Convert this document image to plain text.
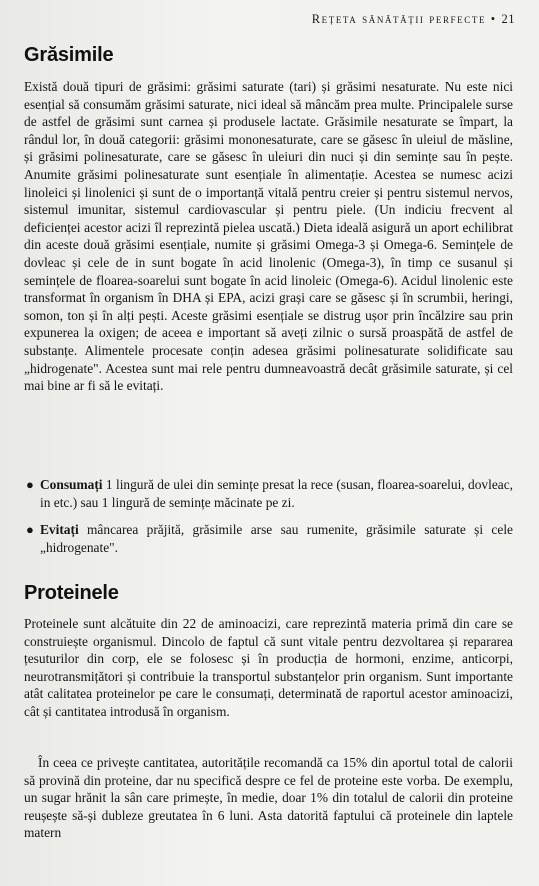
Rețeta sănătății perfecte • 21
Grăsimile

Există două tipuri de grăsimi: grăsimi saturate (tari) și grăsimi nesaturate. Nu este nici esențial să consumăm grăsimi saturate, nici ideal să mâncăm prea multe. Principalele surse de astfel de grăsimi sunt carnea și produsele lactate. Grăsimile nesaturate se împart, la rândul lor, în două categorii: grăsimi mononesaturate, care se găsesc în uleiul de măsline, și grăsimi polinesaturate, care se găsesc în uleiuri din nuci și din semințe sau în pește. Anumite grăsimi polinesaturate sunt esențiale în alimentație. Acestea se numesc acizi linoleici și linolenici și sunt de o importanță vitală pentru creier și pentru sistemul nervos, sistemul imunitar, sistemul cardiovascular și pentru piele. (Un indiciu frecvent al deficienței acestor acizi îl reprezintă pielea uscată.) Dieta ideală asigură un aport echilibrat din aceste două grăsimi esențiale, numite și grăsimi Omega-3 și Omega-6. Semințele de dovleac și cele de in sunt bogate în acid linolenic (Omega-3), în timp ce susanul și semințele de floarea-soarelui sunt bogate în acid linoleic (Omega-6). Acidul linolenic este transformat în organism în DHA și EPA, acizi grași care se găsesc și în scrumbii, heringi, somon, ton și în alți pești. Aceste grăsimi esențiale se distrug ușor prin încălzire sau prin expunerea la oxigen; de aceea e important să aveți zilnic o sursă proaspătă de astfel de substanțe. Alimentele procesate conțin adesea grăsimi polinesaturate solidificate sau „hidrogenate". Acestea sunt mai rele pentru dumneavoastră decât grăsimile saturate, și cel mai bine ar fi să le evitați.

● Consumați 1 lingură de ulei din semințe presat la rece (susan, floarea-soarelui, dovleac, in etc.) sau 1 lingură de semințe măcinate pe zi.
● Evitați mâncarea prăjită, grăsimile arse sau rumenite, grăsimile saturate și cele „hidrogenate".
Proteinele

Proteinele sunt alcătuite din 22 de aminoacizi, care reprezintă materia primă din care se construiește organismul. Dincolo de faptul că sunt vitale pentru dezvoltarea și repararea țesuturilor din corp, ele se folosesc și în producția de hormoni, enzime, anticorpi, neurotransmițători și contribuie la transportul substanțelor prin organism. Sunt importante atât calitatea proteinelor pe care le consumați, determinată de raportul acestor aminoacizi, cât și cantitatea introdusă în organism.

În ceea ce privește cantitatea, autoritățile recomandă ca 15% din aportul total de calorii să provină din proteine, dar nu specifică despre ce fel de proteine este vorba. De exemplu, un sugar hrănit la sân care primește, în medie, doar 1% din totalul de calorii din proteine reușește să-și dubleze greutatea în 6 luni. Asta datorită faptului că proteinele din laptele matern
